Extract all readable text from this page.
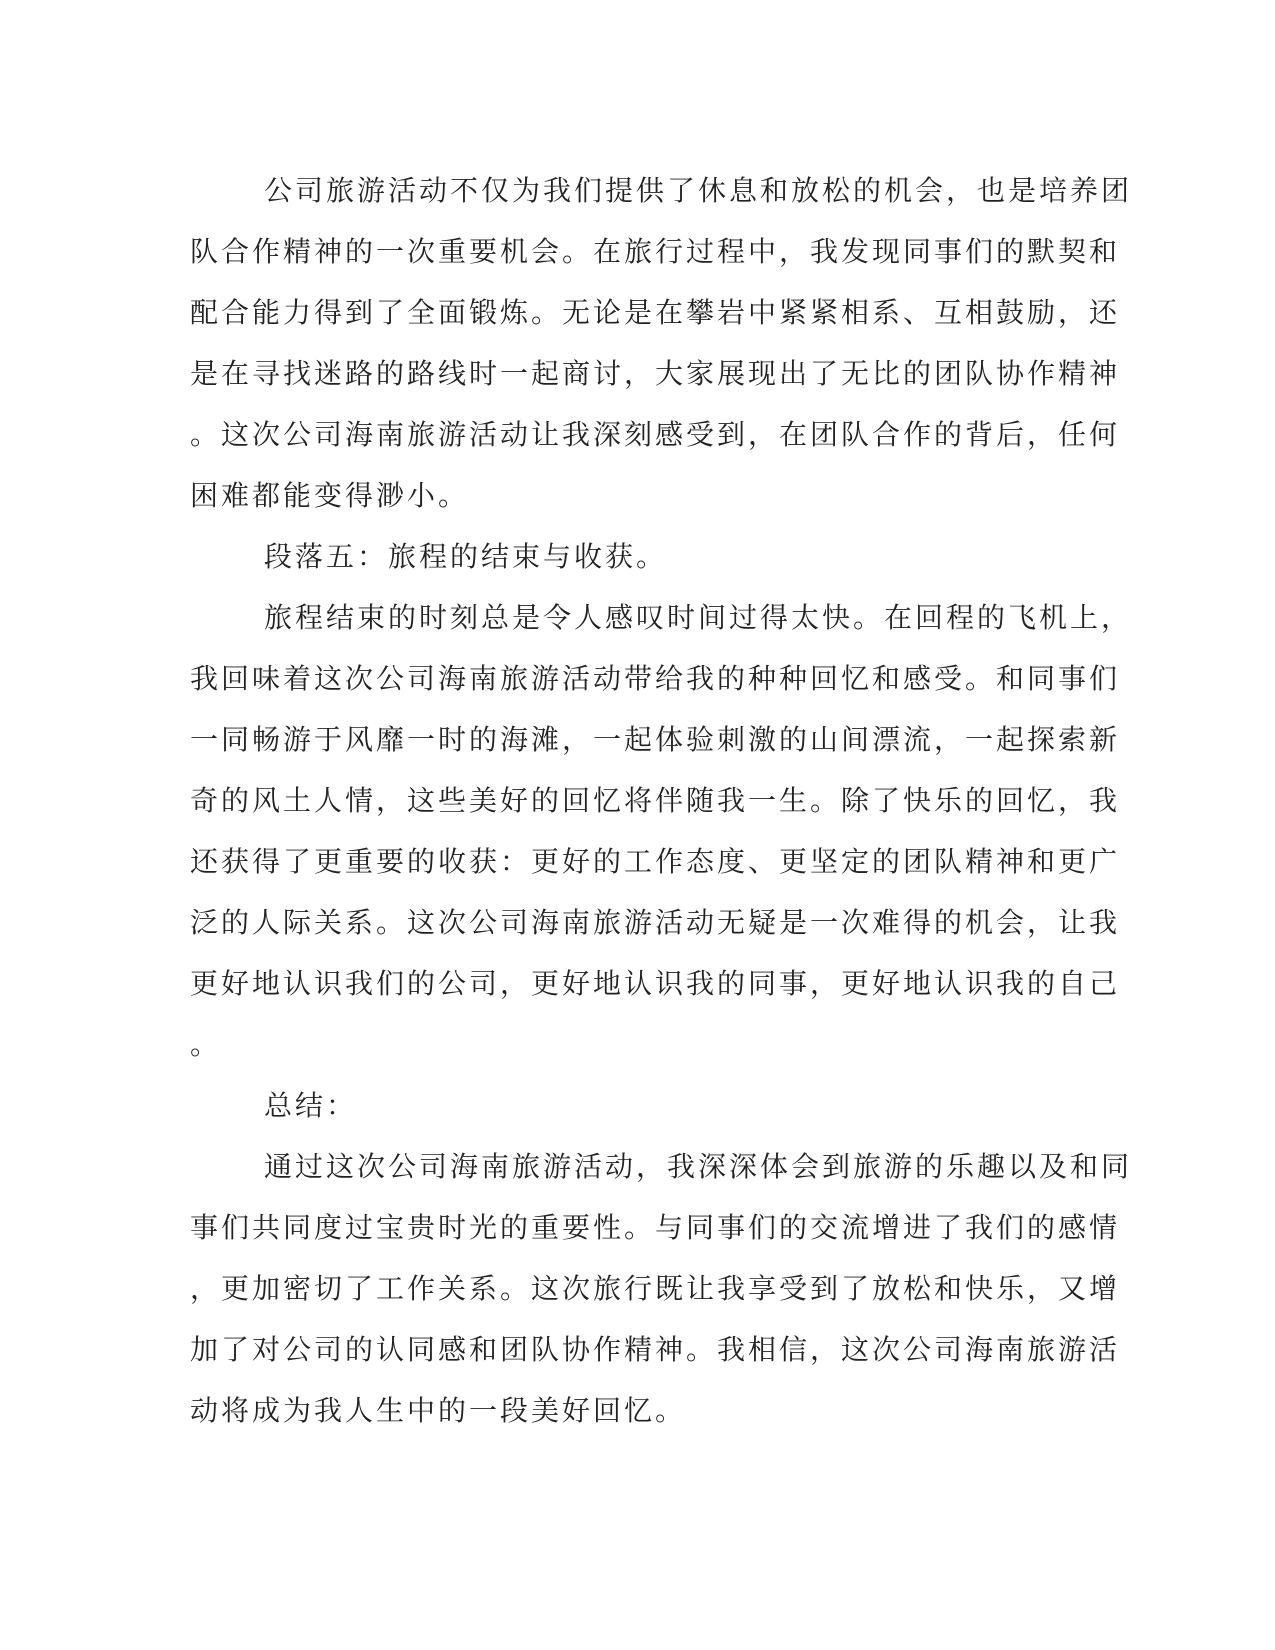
公司旅游活动不仅为我们提供了休息和放松的机会，也是培养团
队合作精神的一次重要机会。在旅行过程中，我发现同事们的默契和
配合能力得到了全面锻炼。无论是在攀岩中紧紧相系、互相鼓励，还
是在寻找迷路的路线时一起商讨，大家展现出了无比的团队协作精神
。这次公司海南旅游活动让我深刻感受到，在团队合作的背后，任何
困难都能变得渺小。
段落五：旅程的结束与收获。
旅程结束的时刻总是令人感叹时间过得太快。在回程的飞机上，
我回味着这次公司海南旅游活动带给我的种种回忆和感受。和同事们
一同畅游于风靡一时的海滩，一起体验刺激的山间漂流，一起探索新
奇的风土人情，这些美好的回忆将伴随我一生。除了快乐的回忆，我
还获得了更重要的收获：更好的工作态度、更坚定的团队精神和更广
泛的人际关系。这次公司海南旅游活动无疑是一次难得的机会，让我
更好地认识我们的公司，更好地认识我的同事，更好地认识我的自己
。
总结：
通过这次公司海南旅游活动，我深深体会到旅游的乐趣以及和同
事们共同度过宝贵时光的重要性。与同事们的交流增进了我们的感情
，更加密切了工作关系。这次旅行既让我享受到了放松和快乐，又增
加了对公司的认同感和团队协作精神。我相信，这次公司海南旅游活
动将成为我人生中的一段美好回忆。
